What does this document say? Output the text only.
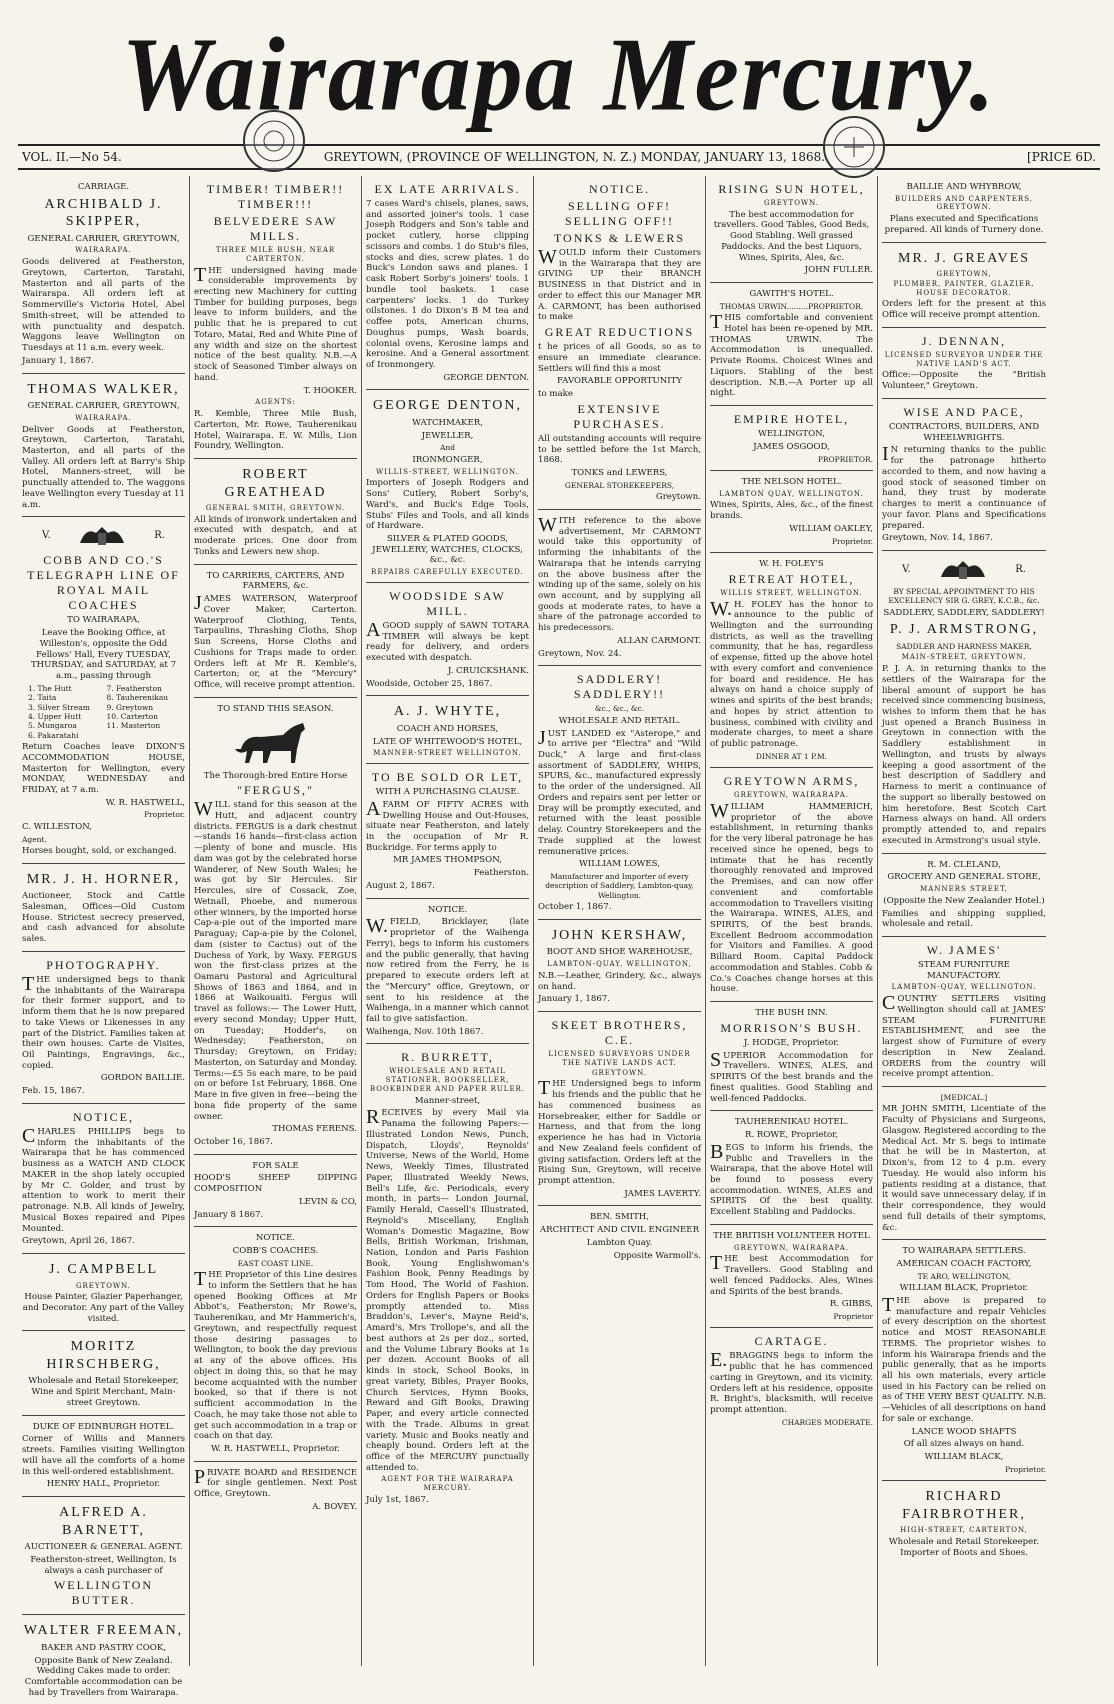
Wairarapa Mercury.
VOL. II.—No 54.	GREYTOWN, (PROVINCE OF WELLINGTON, N. Z.) MONDAY, JANUARY 13, 1868.	[PRICE 6D.
CARRIAGE.
ARCHIBALD J. SKIPPER,
GENERAL CARRIER, GREYTOWN,
WAIRARAPA.
Goods delivered at Featherston, Greytown, Carterton, Taratahi, Masterton and all parts of the Wairarapa. All orders left at Sommerville's Victoria Hotel, Abel Smith-street, will be attended to with punctuality and despatch. Waggons leave Wellington on Tuesdays at 11 a.m. every week.
January 1, 1867.
THOMAS WALKER,
GENERAL CARRIER, GREYTOWN,
WAIRARAPA.
Deliver Goods at Featherston, Greytown, Carterton, Taratahi, Masterton, and all parts of the Valley. All orders left at Barry's Ship Hotel, Manners-street, will be punctually attended to. The waggons leave Wellington every Tuesday at 11 a.m.
V.	R.
COBB AND CO.'S TELEGRAPH LINE OF ROYAL MAIL COACHES
TO WAIRARAPA,
Leave the Booking Office, at Willeston's, opposite the Odd Fellows' Hall, Every TUESDAY, THURSDAY, and SATURDAY, at 7 a.m., passing through
1. The Hutt	7. Featherston
2. Taita	8. Tauherenikau
3. Silver Stream	9. Greytown
4. Upper Hutt	10. Carterton
5. Mungaroa	11. Masterton
6. Pakaratahi
Return Coaches leave DIXON'S ACCOMMODATION HOUSE, Masterton for Wellington, every MONDAY, WEDNESDAY and FRIDAY, at 7 a.m.
W. R. HASTWELL,
Proprietor.
C. WILLESTON,
Agent.
Horses bought, sold, or exchanged.
MR. J. H. HORNER,
Auctioneer, Stock and Cattle Salesman, Offices—Old Custom House. Strictest secrecy preserved, and cash advanced for absolute sales.
PHOTOGRAPHY.
THE undersigned begs to thank the inhabitants of the Wairarapa for their former support, and to inform them that he is now prepared to take Views or Likenesses in any part of the District. Families taken at their own houses. Carte de Visites, Oil Paintings, Engravings, &c., copied.
GORDON BAILLIE.
Feb. 15, 1867.
NOTICE,
CHARLES PHILLIPS begs to inform the inhabitants of the Wairarapa that he has commenced business as a WATCH AND CLOCK MAKER in the shop lately occupied by Mr C. Golder, and trust by attention to work to merit their patronage. N.B. All kinds of Jewelry, Musical Boxes repaired and Pipes Mounted.
Greytown, April 26, 1867.
J. CAMPBELL
GREYTOWN.
House Painter, Glazier Paperhanger, and Decorator. Any part of the Valley visited.
MORITZ HIRSCHBERG,
Wholesale and Retail Storekeeper, Wine and Spirit Merchant, Main-street Greytown.
DUKE OF EDINBURGH HOTEL.
Corner of Willis and Manners streets. Families visiting Wellington will have all the comforts of a home in this well-ordered establishment.
HENRY HALL, Proprietor.
ALFRED A. BARNETT,
AUCTIONEER & GENERAL AGENT.
Featherston-street, Wellington. Is always a cash purchaser of
WELLINGTON BUTTER.
WALTER FREEMAN,
BAKER AND PASTRY COOK,
Opposite Bank of New Zealand. Wedding Cakes made to order. Comfortable accommodation can be had by Travellers from Wairarapa.
TIMBER! TIMBER!! TIMBER!!!
BELVEDERE SAW MILLS.
THREE MILE BUSH, NEAR CARTERTON.
THE undersigned having made considerable improvements by erecting new Machinery for cutting Timber for building purposes, begs leave to inform builders, and the public that he is prepared to cut Totaro, Matai, Red and White Pine of any width and size on the shortest notice of the best quality. N.B.—A stock of Seasoned Timber always on hand.
T. HOOKER.
AGENTS:
R. Kemble, Three Mile Bush, Carterton, Mr. Rowe, Tauherenikau Hotel, Wairarapa. E. W. Mills, Lion Foundry, Wellington.
ROBERT GREATHEAD
GENERAL SMITH, GREYTOWN.
All kinds of ironwork undertaken and executed with despatch, and at moderate prices. One door from Tonks and Lewers new shop.
TO CARRIERS, CARTERS, AND FARMERS, &c.
JAMES WATERSON, Waterproof Cover Maker, Carterton. Waterproof Clothing, Tents, Tarpaulins, Thrashing Cloths, Shop Sun Screens, Horse Cloths and Cushions for Traps made to order. Orders left at Mr R. Kemble's, Carterton; or, at the "Mercury" Office, will receive prompt attention.
TO STAND THIS SEASON.
The Thorough-bred Entire Horse
"FERGUS,"
WILL stand for this season at the Hutt, and adjacent country districts. FERGUS is a dark chestnut—stands 16 hands—first-class action—plenty of bone and muscle. His dam was got by the celebrated horse Wanderer, of New South Wales; he was got by Sir Hercules. Sir Hercules, sire of Cossack, Zoe, Wetnall, Phoebe, and numerous other winners, by the imported horse Cap-a-pie out of the imported mare Paraguay; Cap-a-pie by the Colonel, dam (sister to Cactus) out of the Duchess of York, by Waxy. FERGUS won the first-class prizes at the Oamaru Pastoral and Agricultural Shows of 1863 and 1864, and in 1866 at Waikouaiti. Fergus will travel as follows:— The Lower Hutt, every second Monday; Upper Hutt, on Tuesday; Hodder's, on Wednesday; Featherston, on Thursday; Greytown, on Friday; Masterton, on Saturday and Monday. Terms:—£5 5s each mare, to be paid on or before 1st February, 1868. One Mare in five given in free—being the bona fide property of the same owner.
THOMAS FERENS.
October 16, 1867.
FOR SALE
HOOD'S SHEEP DIPPING COMPOSITION
LEVIN & CO,
January 8 1867.
NOTICE.
COBB'S COACHES.
EAST COAST LINE.
THE Proprietor of this Line desires to inform the Settlers that he has opened Booking Offices at Mr Abbot's, Featherston; Mr Rowe's, Tauherenikau, and Mr Hammerich's, Greytown, and respectfully request those desiring passages to Wellington, to book the day previous at any of the above offices. His object in doing this, so that he may become acquainted with the number booked, so that if there is not sufficient accommodation in the Coach, he may take those not able to get such accommodation in a trap or coach on that day.
W. R. HASTWELL, Proprietor.
PRIVATE BOARD and RESIDENCE for single gentlemen. Next Post Office, Greytown.
A. BOVEY.
EX LATE ARRIVALS.
7 cases Ward's chisels, planes, saws, and assorted joiner's tools. 1 case Joseph Rodgers and Son's table and pocket cutlery, horse clipping scissors and combs. 1 do Stub's files, stocks and dies, screw plates. 1 do Buck's London saws and planes. 1 cask Robert Sorby's joiners' tools. 1 bundle tool baskets. 1 case carpenters' locks. 1 do Turkey oilstones. 1 do Dixon's B M tea and coffee pots, American churns, Doughus pumps, Wash boards, colonial ovens, Kerosine lamps and kerosine. And a General assortment of Ironmongery.
GEORGE DENTON.
GEORGE DENTON,
WATCHMAKER,
JEWELLER,
And
IRONMONGER,
WILLIS-STREET, WELLINGTON.
Importers of Joseph Rodgers and Sons' Cutlery, Robert Sorby's, Ward's, and Buck's Edge Tools, Stubs' Files and Tools, and all kinds of Hardware.
SILVER & PLATED GOODS, JEWELLERY, WATCHES, CLOCKS, &c., &c.
REPAIRS CAREFULLY EXECUTED.
WOODSIDE SAW MILL.
AGOOD supply of SAWN TOTARA TIMBER will always be kept ready for delivery, and orders executed with despatch.
J. CRUICKSHANK.
Woodside, October 25, 1867.
A. J. WHYTE,
COACH AND HORSES,
LATE OF WHITEWOOD'S HOTEL,
MANNER-STREET WELLINGTON.
TO BE SOLD OR LET,
WITH A PURCHASING CLAUSE.
AFARM OF FIFTY ACRES with Dwelling House and Out-Houses, situate near Featherston, and lately in the occupation of Mr R. Buckridge. For terms apply to
MR JAMES THOMPSON,
Featherston.
August 2, 1867.
NOTICE.
W.FIELD, Bricklayer, (late proprietor of the Waihenga Ferry), begs to inform his customers and the public generally, that having now retired from the Ferry, he is prepared to execute orders left at the "Mercury" office, Greytown, or sent to his residence at the Waihenga, in a manner which cannot fail to give satisfaction.
Waihenga, Nov. 10th 1867.
R. BURRETT,
WHOLESALE AND RETAIL STATIONER, BOOKSELLER, BOOKBINDER AND PAPER RULER.
Manner-street,
RECEIVES by every Mail via Panama the following Papers:— Illustrated London News, Punch, Dispatch, Lloyds', Reynolds' Universe, News of the World, Home News, Weekly Times, Illustrated Paper, Illustrated Weekly News, Bell's Life, &c. Periodicals, every month, in parts— London Journal, Family Herald, Cassell's Illustrated, Reynold's Miscellany, English Woman's Domestic Magazine, Bow Bells, British Workman, Irishman, Nation, London and Paris Fashion Book, Young Englishwoman's Fashion Book, Penny Readings by Tom Hood, The World of Fashion. Orders for English Papers or Books promptly attended to. Miss Braddon's, Lever's, Mayne Reid's, Amard's, Mrs Trollope's, and all the best authors at 2s per doz., sorted, and the Volume Library Books at 1s per dozen. Account Books of all kinds in stock, School Books, in great variety, Bibles, Prayer Books, Church Services, Hymn Books, Reward and Gift Books, Drawing Paper, and every article connected with the Trade. Albums in great variety. Music and Books neatly and cheaply bound. Orders left at the office of the MERCURY punctually attended to.
AGENT FOR THE WAIRARAPA MERCURY.
July 1st, 1867.
NOTICE.
SELLING OFF! SELLING OFF!!
TONKS & LEWERS
WOULD inform their Customers in the Wairarapa that they are GIVING UP their BRANCH BUSINESS in that District and in order to effect this our Manager MR A. CARMONT, has been authorised to make
GREAT REDUCTIONS
t he prices of all Goods, so as to ensure an immediate clearance. Settlers will find this a most
FAVORABLE OPPORTUNITY
to make
EXTENSIVE PURCHASES.
All outstanding accounts will require to be settled before the 1st March, 1868.
TONKS and LEWERS,
GENERAL STOREKEEPERS,
Greytown.
WITH reference to the above advertisement, Mr CARMONT would take this opportunity of informing the inhabitants of the Wairarapa that he intends carrying on the above business after the winding up of the same, solely on his own account, and by supplying all goods at moderate rates, to have a share of the patronage accorded to his predecessors.
ALLAN CARMONT.
Greytown, Nov. 24.
SADDLERY! SADDLERY!!
&c., &c., &c.
WHOLESALE AND RETAIL.
JUST LANDED ex "Asterope," and to arrive per "Electra" and "Wild Duck," A large and first-class assortment of SADDLERY, WHIPS, SPURS, &c., manufactured expressly to the order of the undersigned. All Orders and repairs sent per letter or Dray will be promptly executed, and returned with the least possible delay. Country Storekeepers and the Trade supplied at the lowest remunerative prices.
WILLIAM LOWES,
Manufacturer and Importer of every description of Saddlery, Lambton-quay, Wellington.
October 1, 1867.
JOHN KERSHAW,
BOOT AND SHOE WAREHOUSE,
LAMBTON-QUAY, WELLINGTON,
N.B.—Leather, Grindery, &c., always on hand.
January 1, 1867.
SKEET BROTHERS, C.E.
LICENSED SURVEYORS UNDER THE NATIVE LANDS ACT.
GREYTOWN.
THE Undersigned begs to inform his friends and the public that he has commenced business as Horsebreaker, either for Saddle or Harness, and that from the long experience he has had in Victoria and New Zealand feels confident of giving satisfaction. Orders left at the Rising Sun, Greytown, will receive prompt attention.
JAMES LAVERTY.
BEN. SMITH,
ARCHITECT AND CIVIL ENGINEER
Lambton Quay.
Opposite Warmoll's.
RISING SUN HOTEL,
GREYTOWN.
The best accommodation for travellers. Good Tables, Good Beds, Good Stabling. Well grassed Paddocks. And the best Liquors, Wines, Spirits, Ales, &c.
JOHN FULLER.
GAWITH'S HOTEL.
THOMAS URWIN.........PROPRIETOR.
THIS comfortable and convenient Hotel has been re-opened by MR. THOMAS URWIN. The Accommodation is unequalled. Private Rooms. Choicest Wines and Liquors. Stabling of the best description. N.B.—A Porter up all night.
EMPIRE HOTEL,
WELLINGTON,
JAMES OSGOOD,
PROPRIETOR.
THE NELSON HOTEL.
LAMBTON QUAY, WELLINGTON.
Wines, Spirits, Ales, &c., of the finest brands.
WILLIAM OAKLEY,
Proprietor.
W. H. FOLEY'S
RETREAT HOTEL,
WILLIS STREET, WELLINGTON.
W.H. FOLEY has the honor to announce to the public of Wellington and the surrounding districts, as well as the travelling community, that he has, regardless of expense, fitted up the above hotel with every comfort and convenience for board and residence. He has always on hand a choice supply of wines and spirits of the best brands; and hopes by strict attention to business, combined with civility and moderate charges, to meet a share of public patronage.
DINNER AT 1 P.M.
GREYTOWN ARMS,
GREYTOWN, WAIRARAPA.
WILLIAM HAMMERICH, proprietor of the above establishment, in returning thanks for the very liberal patronage he has received since he opened, begs to intimate that he has recently thoroughly renovated and improved the Premises, and can now offer convenient and comfortable accommodation to Travellers visiting the Wairarapa. WINES, ALES, and SPIRITS, Of the best brands. Excellent Bedroom accommodation for Visitors and Families. A good Billiard Room. Capital Paddock accommodation and Stables. Cobb & Co.'s Coaches change horses at this house.
THE BUSH INN.
MORRISON'S BUSH.
J. HODGE, Proprietor.
SUPERIOR Accommodation for Travellers. WINES, ALES, and SPIRITS Of the best brands and the finest qualities. Good Stabling and well-fenced Paddocks.
TAUHERENIKAU HOTEL.
R. ROWE, Proprietor,
BEGS to inform his friends, the Public and Travellers in the Wairarapa, that the above Hotel will be found to possess every accommodation. WINES, ALES and SPIRITS Of the best quality. Excellent Stabling and Paddocks.
THE BRITISH VOLUNTEER HOTEL
GREYTOWN, WAIRARAPA.
THE best Accommodation for Travellers. Good Stabling and well fenced Paddocks. Ales, Wines and Spirits of the best brands.
R. GIBBS,
Proprietor
CARTAGE.
E.BRAGGINS begs to inform the public that he has commenced carting in Greytown, and its vicinity. Orders left at his residence, opposite R. Bright's, blacksmith, will receive prompt attention.
CHARGES MODERATE.
BAILLIE AND WHYBROW,
BUILDERS AND CARPENTERS, GREYTOWN.
Plans executed and Specifications prepared. All kinds of Turnery done.
MR. J. GREAVES
GREYTOWN,
PLUMBER, PAINTER, GLAZIER, HOUSE DECORATOR.
Orders left for the present at this Office will receive prompt attention.
J. DENNAN,
LICENSED SURVEYOR UNDER THE NATIVE LAND'S ACT.
Office:—Opposite the "British Volunteer," Greytown.
WISE AND PACE,
CONTRACTORS, BUILDERS, AND WHEELWRIGHTS.
IN returning thanks to the public for the patronage hitherto accorded to them, and now having a good stock of seasoned timber on hand, they trust by moderate charges to merit a continuance of your favor. Plans and Specifications prepared.
Greytown, Nov. 14, 1867.
V.	R.
BY SPECIAL APPOINTMENT TO HIS EXCELLENCY SIR G. GREY, K.C.B., &c.
SADDLERY, SADDLERY, SADDLERY!
P. J. ARMSTRONG,
SADDLER AND HARNESS MAKER,
MAIN-STREET, GREYTOWN,
P. J. A. in returning thanks to the settlers of the Wairarapa for the liberal amount of support he has received since commencing business, wishes to inform them that he has just opened a Branch Business in Greytown in connection with the Saddlery establishment in Wellington, and trusts by always keeping a good assortment of the best description of Saddlery and Harness to merit a continuance of the support so liberally bestowed on him heretofore. Best Scotch Cart Harness always on hand. All orders promptly attended to, and repairs executed in Armstrong's usual style.
R. M. CLELAND,
GROCERY AND GENERAL STORE,
MANNERS STREET,
(Opposite the New Zealander Hotel.)
Families and shipping supplied, wholesale and retail.
W. JAMES'
STEAM FURNITURE MANUFACTORY.
LAMBTON-QUAY, WELLINGTON.
COUNTRY SETTLERS visiting Wellington should call at JAMES' STEAM FURNITURE ESTABLISHMENT, and see the largest show of Furniture of every description in New Zealand. ORDERS from the country will receive prompt attention.
[MEDICAL.]
MR JOHN SMITH, Licentiate of the Faculty of Physicians and Surgeons, Glasgow. Registered according to the Medical Act. Mr S. begs to intimate that he will be in Masterton, at Dixon's, from 12 to 4 p.m. every Tuesday. He would also inform his patients residing at a distance, that it would save unnecessary delay, if in their correspondence, they would send full details of their symptoms, &c.
TO WAIRARAPA SETTLERS.
AMERICAN COACH FACTORY,
TE ARO, WELLINGTON,
WILLIAM BLACK, Proprietor.
THE above is prepared to manufacture and repair Vehicles of every description on the shortest notice and MOST REASONABLE TERMS. The proprietor wishes to inform his Wairarapa friends and the public generally, that as he imports all his own materials, every article used in his Factory can be relied on as of THE VERY BEST QUALITY. N.B.—Vehicles of all descriptions on hand for sale or exchange.
LANCE WOOD SHAFTS
Of all sizes always on hand.
WILLIAM BLACK,
Proprietor.
RICHARD FAIRBROTHER,
HIGH-STREET, CARTERTON,
Wholesale and Retail Storekeeper. Importer of Boots and Shoes.
